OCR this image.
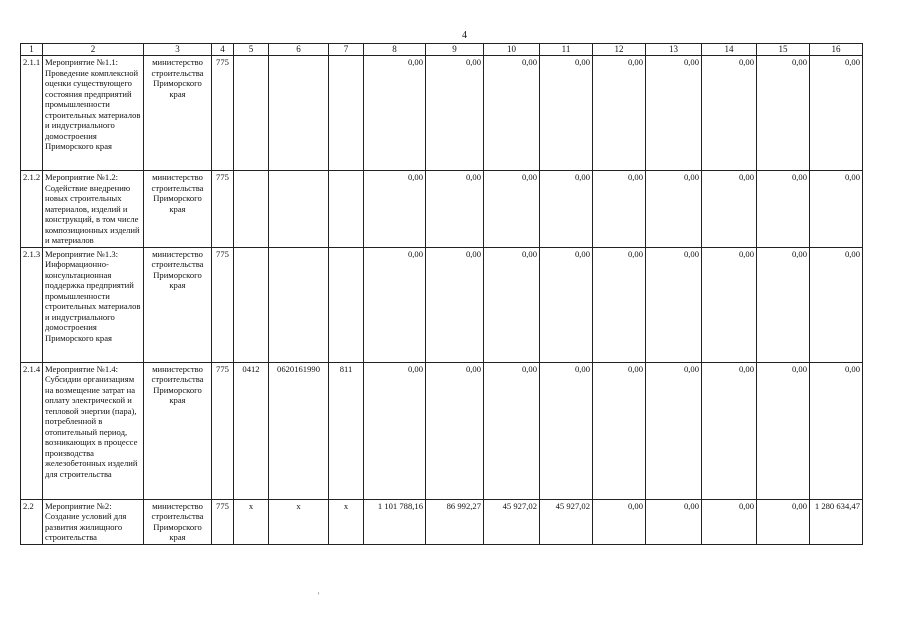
4
1	2	3	4	5	6	7	8	9	10	11	12	13	14	15	16
2.1.1	Мероприятие №1.1: Проведение комплексной оценки существующего состояния предприятий промышленности строительных материалов и индустриального домостроения Приморского края	министерство строительства Приморского края	775				0,00	0,00	0,00	0,00	0,00	0,00	0,00	0,00	0,00
2.1.2	Мероприятие №1.2: Содействие внедрению новых строительных материалов, изделий и конструкций, в том числе композиционных изделий и материалов	министерство строительства Приморского края	775				0,00	0,00	0,00	0,00	0,00	0,00	0,00	0,00	0,00
2.1.3	Мероприятие №1.3: Информационно-консультационная поддержка предприятий промышленности строительных материалов и индустриального домостроения Приморского края	министерство строительства Приморского края	775				0,00	0,00	0,00	0,00	0,00	0,00	0,00	0,00	0,00
2.1.4	Мероприятие №1.4: Субсидии организациям на возмещение затрат на оплату электрической и тепловой энергии (пара), потребленной в отопительный период, возникающих в процессе производства железобетонных изделий для строительства	министерство строительства Приморского края	775	0412	0620161990	811	0,00	0,00	0,00	0,00	0,00	0,00	0,00	0,00	0,00
2.2	Мероприятие №2: Создание условий для развития жилищного строительства	министерство строительства Приморского края	775	x	x	x	1 101 788,16	86 992,27	45 927,02	45 927,02	0,00	0,00	0,00	0,00	1 280 634,47
'
